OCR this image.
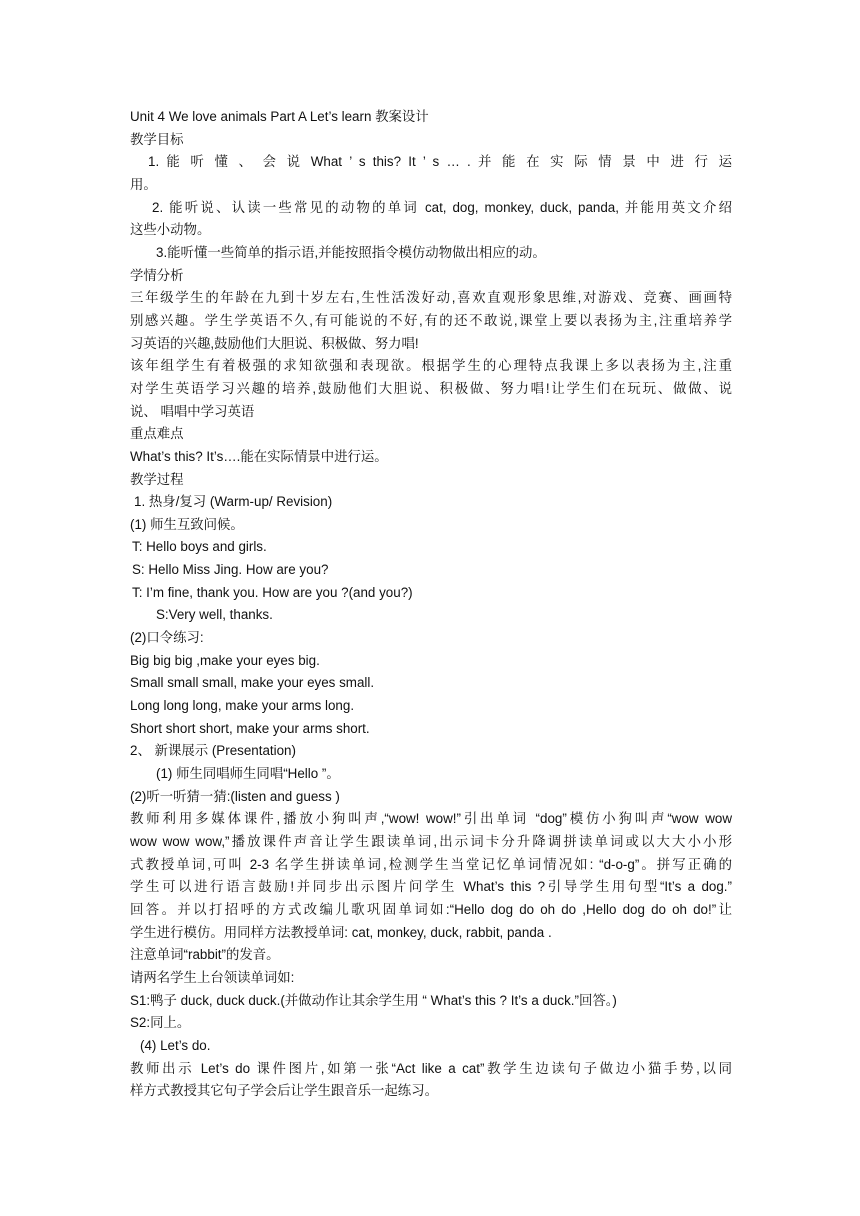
Unit 4 We love animals Part A Let’s learn 教案设计

教学目标

1. 能 听 懂 、 会 说 What ’ s this? It ’ s … . 并 能 在 实 际 情 景 中 进 行 运

用。

2. 能听说、认读一些常见的动物的单词 cat, dog, monkey, duck, panda, 并能用英文介绍

这些小动物。

3.能听懂一些简单的指示语,并能按照指令模仿动物做出相应的动。

学情分析

三年级学生的年龄在九到十岁左右,生性活泼好动,喜欢直观形象思维,对游戏、竞赛、画画特

别感兴趣。学生学英语不久,有可能说的不好,有的还不敢说,课堂上要以表扬为主,注重培养学

习英语的兴趣,鼓励他们大胆说、积极做、努力唱!

该年组学生有着极强的求知欲强和表现欲。根据学生的心理特点我课上多以表扬为主,注重

对学生英语学习兴趣的培养,鼓励他们大胆说、积极做、努力唱!让学生们在玩玩、做做、说

说、 唱唱中学习英语

重点难点

What’s this? It’s….能在实际情景中进行运。

教学过程

1. 热身/复习 (Warm-up/ Revision)

(1) 师生互致问候。

T: Hello boys and girls.

S: Hello Miss Jing. How are you?

T: I’m fine, thank you. How are you ?(and you?)

S:Very well, thanks.

(2)口令练习:

Big big big ,make your eyes big.

Small small small, make your eyes small.

Long long long, make your arms long.

Short short short, make your arms short.

2、 新课展示 (Presentation)

(1) 师生同唱师生同唱“Hello ”。

(2)听一听猜一猜:(listen and guess )

教师利用多媒体课件,播放小狗叫声,“wow! wow!”引出单词 “dog”模仿小狗叫声“wow wow

wow wow wow,”播放课件声音让学生跟读单词,出示词卡分升降调拼读单词或以大大小小形

式教授单词,可叫 2-3 名学生拼读单词,检测学生当堂记忆单词情况如: “d-o-g”。拼写正确的

学生可以进行语言鼓励!并同步出示图片问学生 What’s this ?引导学生用句型“It’s a dog.”

回答。并以打招呼的方式改编儿歌巩固单词如:“Hello dog do oh do ,Hello dog do oh do!”让

学生进行模仿。用同样方法教授单词: cat, monkey, duck, rabbit, panda .

注意单词“rabbit”的发音。

请两名学生上台领读单词如:

S1:鸭子 duck, duck duck.(并做动作让其余学生用 “ What’s this ? It’s a duck.”回答。)

S2:同上。

(4) Let’s do.

教师出示 Let’s do 课件图片,如第一张“Act like a cat”教学生边读句子做边小猫手势,以同

样方式教授其它句子学会后让学生跟音乐一起练习。
